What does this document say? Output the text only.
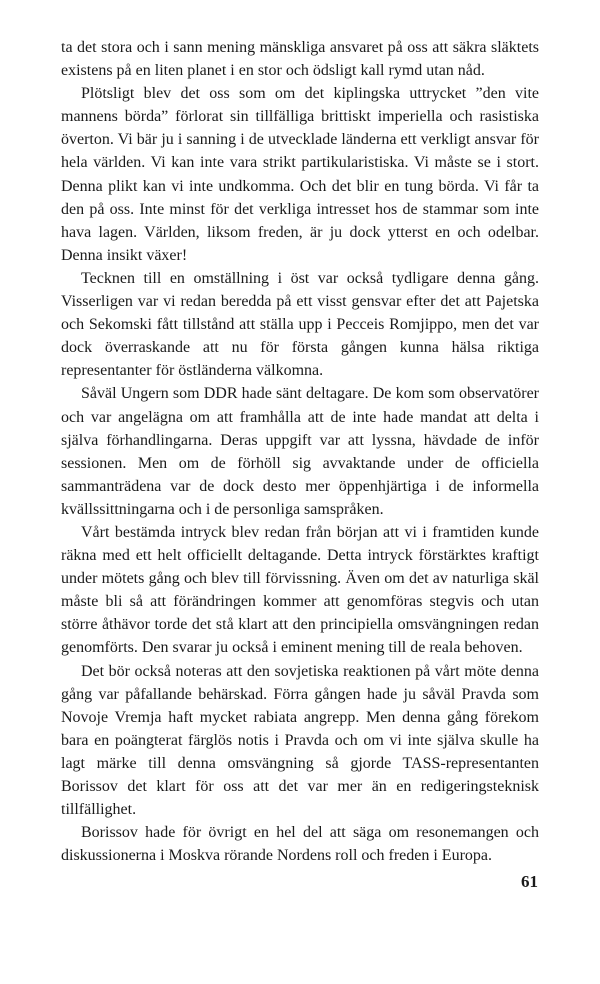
ta det stora och i sann mening mänskliga ansvaret på oss att säkra släktets existens på en liten planet i en stor och ödsligt kall rymd utan nåd.

Plötsligt blev det oss som om det kiplingska uttrycket ”den vite mannens börda” förlorat sin tillfälliga brittiskt imperiella och rasistiska överton. Vi bär ju i sanning i de utvecklade länderna ett verkligt ansvar för hela världen. Vi kan inte vara strikt partikularistiska. Vi måste se i stort. Denna plikt kan vi inte undkomma. Och det blir en tung börda. Vi får ta den på oss. Inte minst för det verkliga intresset hos de stammar som inte hava lagen. Världen, liksom freden, är ju dock ytterst en och odelbar. Denna insikt växer!

Tecknen till en omställning i öst var också tydligare denna gång. Visserligen var vi redan beredda på ett visst gensvar efter det att Pajetska och Sekomski fått tillstånd att ställa upp i Pecceis Romjippo, men det var dock överraskande att nu för första gången kunna hälsa riktiga representanter för östländerna välkomna.

Såväl Ungern som DDR hade sänt deltagare. De kom som observatörer och var angelägna om att framhålla att de inte hade mandat att delta i själva förhandlingarna. Deras uppgift var att lyssna, hävdade de inför sessionen. Men om de förhöll sig avvaktande under de officiella sammanträdena var de dock desto mer öppenhjärtiga i de informella kvällssittningarna och i de personliga samspråken.

Vårt bestämda intryck blev redan från början att vi i framtiden kunde räkna med ett helt officiellt deltagande. Detta intryck förstärktes kraftigt under mötets gång och blev till förvissning. Även om det av naturliga skäl måste bli så att förändringen kommer att genomföras stegvis och utan större åthävor torde det stå klart att den principiella omsvängningen redan genomförts. Den svarar ju också i eminent mening till de reala behoven.

Det bör också noteras att den sovjetiska reaktionen på vårt möte denna gång var påfallande behärskad. Förra gången hade ju såväl Pravda som Novoje Vremja haft mycket rabiata angrepp. Men denna gång förekom bara en poängterat färglös notis i Pravda och om vi inte själva skulle ha lagt märke till denna omsvängning så gjorde TASS-representanten Borissov det klart för oss att det var mer än en redigeringsteknisk tillfällighet.

Borissov hade för övrigt en hel del att säga om resonemangen och diskussionerna i Moskva rörande Nordens roll och freden i Europa.

61
